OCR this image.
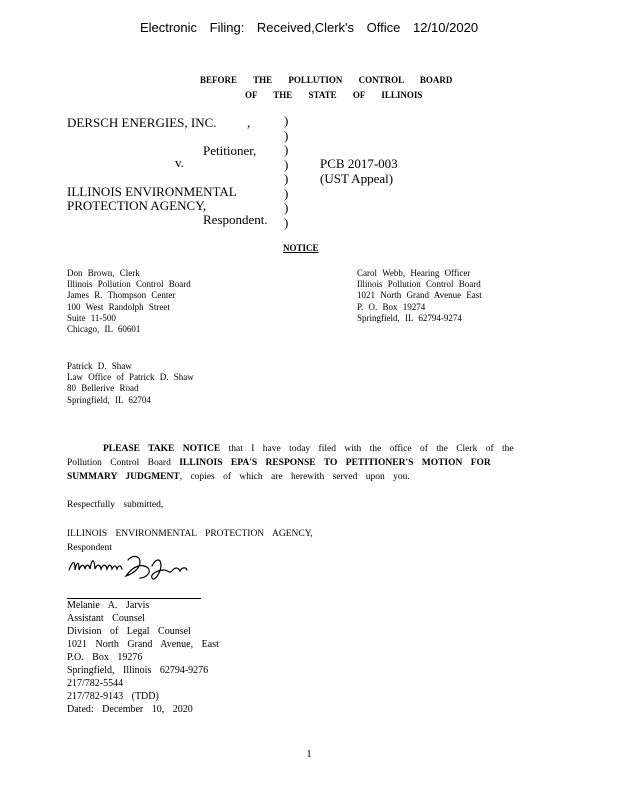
Electronic Filing: Received,Clerk's Office 12/10/2020
BEFORE THE POLLUTION CONTROL BOARD
OF THE STATE OF ILLINOIS
DERSCH ENERGIES, INC. ,
Petitioner,
v.
ILLINOIS ENVIRONMENTAL
PROTECTION AGENCY,
Respondent.
)
)
)
)
)
)
)
)
PCB 2017-003
(UST Appeal)
NOTICE
Don Brown, Clerk
Illinois Pollution Control Board
James R. Thompson Center
100 West Randolph Street
Suite 11-500
Chicago, IL 60601
Carol Webb, Hearing Officer
Illinois Pollution Control Board
1021 North Grand Avenue East
P. O. Box 19274
Springfield, IL 62794-9274
Patrick D. Shaw
Law Office of Patrick D. Shaw
80 Bellerive Road
Springfield, IL 62704
PLEASE TAKE NOTICE that I have today filed with the office of the Clerk of the Pollution Control Board ILLINOIS EPA'S RESPONSE TO PETITIONER'S MOTION FOR SUMMARY JUDGMENT, copies of which are herewith served upon you.
Respectfully submitted,
ILLINOIS ENVIRONMENTAL PROTECTION AGENCY,
Respondent
Melanie A. Jarvis
Assistant Counsel
Division of Legal Counsel
1021 North Grand Avenue, East
P.O. Box 19276
Springfield, Illinois 62794-9276
217/782-5544
217/782-9143 (TDD)
Dated: December 10, 2020
1
